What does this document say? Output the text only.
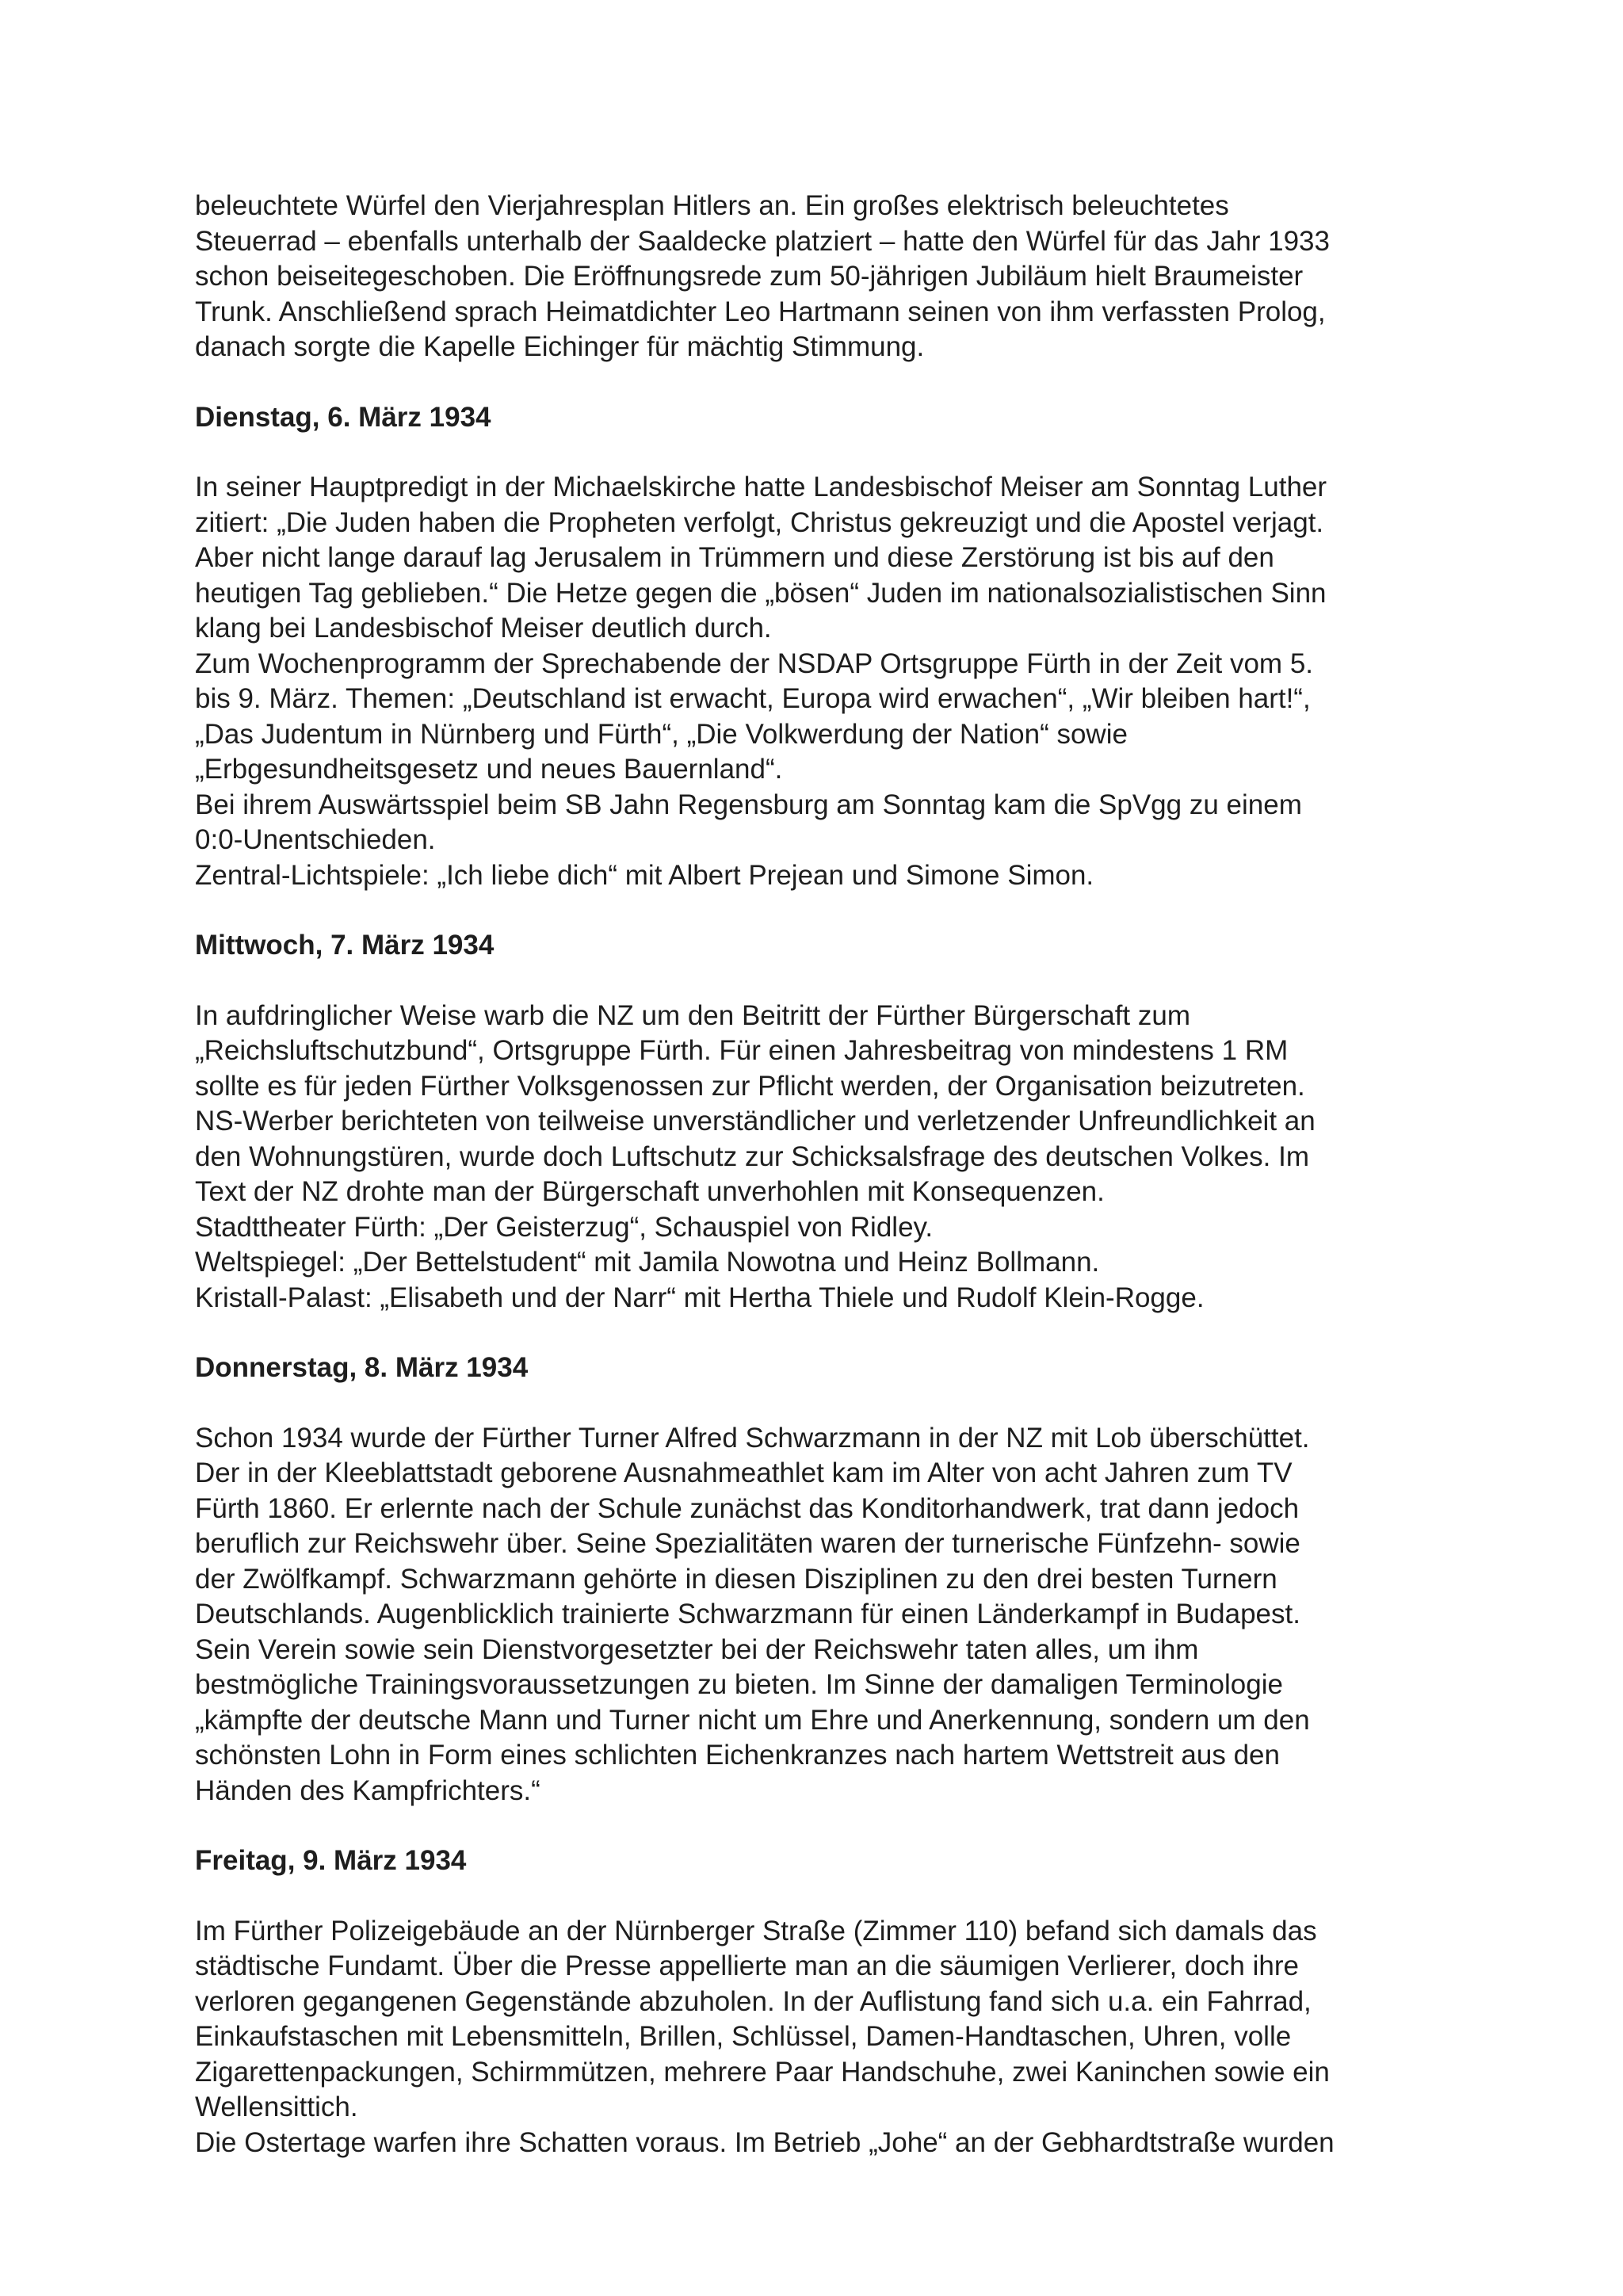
beleuchtete Würfel den Vierjahresplan Hitlers an. Ein großes elektrisch beleuchtetes
Steuerrad – ebenfalls unterhalb der Saaldecke platziert – hatte den Würfel für das Jahr 1933
schon beiseitegeschoben. Die Eröffnungsrede zum 50-jährigen Jubiläum hielt Braumeister
Trunk. Anschließend sprach Heimatdichter Leo Hartmann seinen von ihm verfassten Prolog,
danach sorgte die Kapelle Eichinger für mächtig Stimmung.
Dienstag, 6. März 1934
In seiner Hauptpredigt in der Michaelskirche hatte Landesbischof Meiser am Sonntag Luther
zitiert: „Die Juden haben die Propheten verfolgt, Christus gekreuzigt und die Apostel verjagt.
Aber nicht lange darauf lag Jerusalem in Trümmern und diese Zerstörung ist bis auf den
heutigen Tag geblieben.“ Die Hetze gegen die „bösen“ Juden im nationalsozialistischen Sinn
klang bei Landesbischof Meiser deutlich durch.
Zum Wochenprogramm der Sprechabende der NSDAP Ortsgruppe Fürth in der Zeit vom 5.
bis 9. März. Themen: „Deutschland ist erwacht, Europa wird erwachen“, „Wir bleiben hart!“,
„Das Judentum in Nürnberg und Fürth“, „Die Volkwerdung der Nation“ sowie
„Erbgesundheitsgesetz und neues Bauernland“.
Bei ihrem Auswärtsspiel beim SB Jahn Regensburg am Sonntag kam die SpVgg zu einem
0:0-Unentschieden.
Zentral-Lichtspiele: „Ich liebe dich“ mit Albert Prejean und Simone Simon.
Mittwoch, 7. März 1934
In aufdringlicher Weise warb die NZ um den Beitritt der Fürther Bürgerschaft zum
„Reichsluftschutzbund“, Ortsgruppe Fürth. Für einen Jahresbeitrag von mindestens 1 RM
sollte es für jeden Fürther Volksgenossen zur Pflicht werden, der Organisation beizutreten.
NS-Werber berichteten von teilweise unverständlicher und verletzender Unfreundlichkeit an
den Wohnungstüren, wurde doch Luftschutz zur Schicksalsfrage des deutschen Volkes. Im
Text der NZ drohte man der Bürgerschaft unverhohlen mit Konsequenzen.
Stadttheater Fürth: „Der Geisterzug“, Schauspiel von Ridley.
Weltspiegel: „Der Bettelstudent“ mit Jamila Nowotna und Heinz Bollmann.
Kristall-Palast: „Elisabeth und der Narr“ mit Hertha Thiele und Rudolf Klein-Rogge.
Donnerstag, 8. März 1934
Schon 1934 wurde der Fürther Turner Alfred Schwarzmann in der NZ mit Lob überschüttet.
Der in der Kleeblattstadt geborene Ausnahmeathlet kam im Alter von acht Jahren zum TV
Fürth 1860. Er erlernte nach der Schule zunächst das Konditorhandwerk, trat dann jedoch
beruflich zur Reichswehr über. Seine Spezialitäten waren der turnerische Fünfzehn- sowie
der Zwölfkampf. Schwarzmann gehörte in diesen Disziplinen zu den drei besten Turnern
Deutschlands. Augenblicklich trainierte Schwarzmann für einen Länderkampf in Budapest.
Sein Verein sowie sein Dienstvorgesetzter bei der Reichswehr taten alles, um ihm
bestmögliche Trainingsvoraussetzungen zu bieten. Im Sinne der damaligen Terminologie
„kämpfte der deutsche Mann und Turner nicht um Ehre und Anerkennung, sondern um den
schönsten Lohn in Form eines schlichten Eichenkranzes nach hartem Wettstreit aus den
Händen des Kampfrichters.“
Freitag, 9. März 1934
Im Fürther Polizeigebäude an der Nürnberger Straße (Zimmer 110) befand sich damals das
städtische Fundamt. Über die Presse appellierte man an die säumigen Verlierer, doch ihre
verloren gegangenen Gegenstände abzuholen. In der Auflistung fand sich u.a. ein Fahrrad,
Einkaufstaschen mit Lebensmitteln, Brillen, Schlüssel, Damen-Handtaschen, Uhren, volle
Zigarettenpackungen, Schirmmützen, mehrere Paar Handschuhe, zwei Kaninchen sowie ein
Wellensittich.
Die Ostertage warfen ihre Schatten voraus. Im Betrieb „Johe“ an der Gebhardtstraße wurden
